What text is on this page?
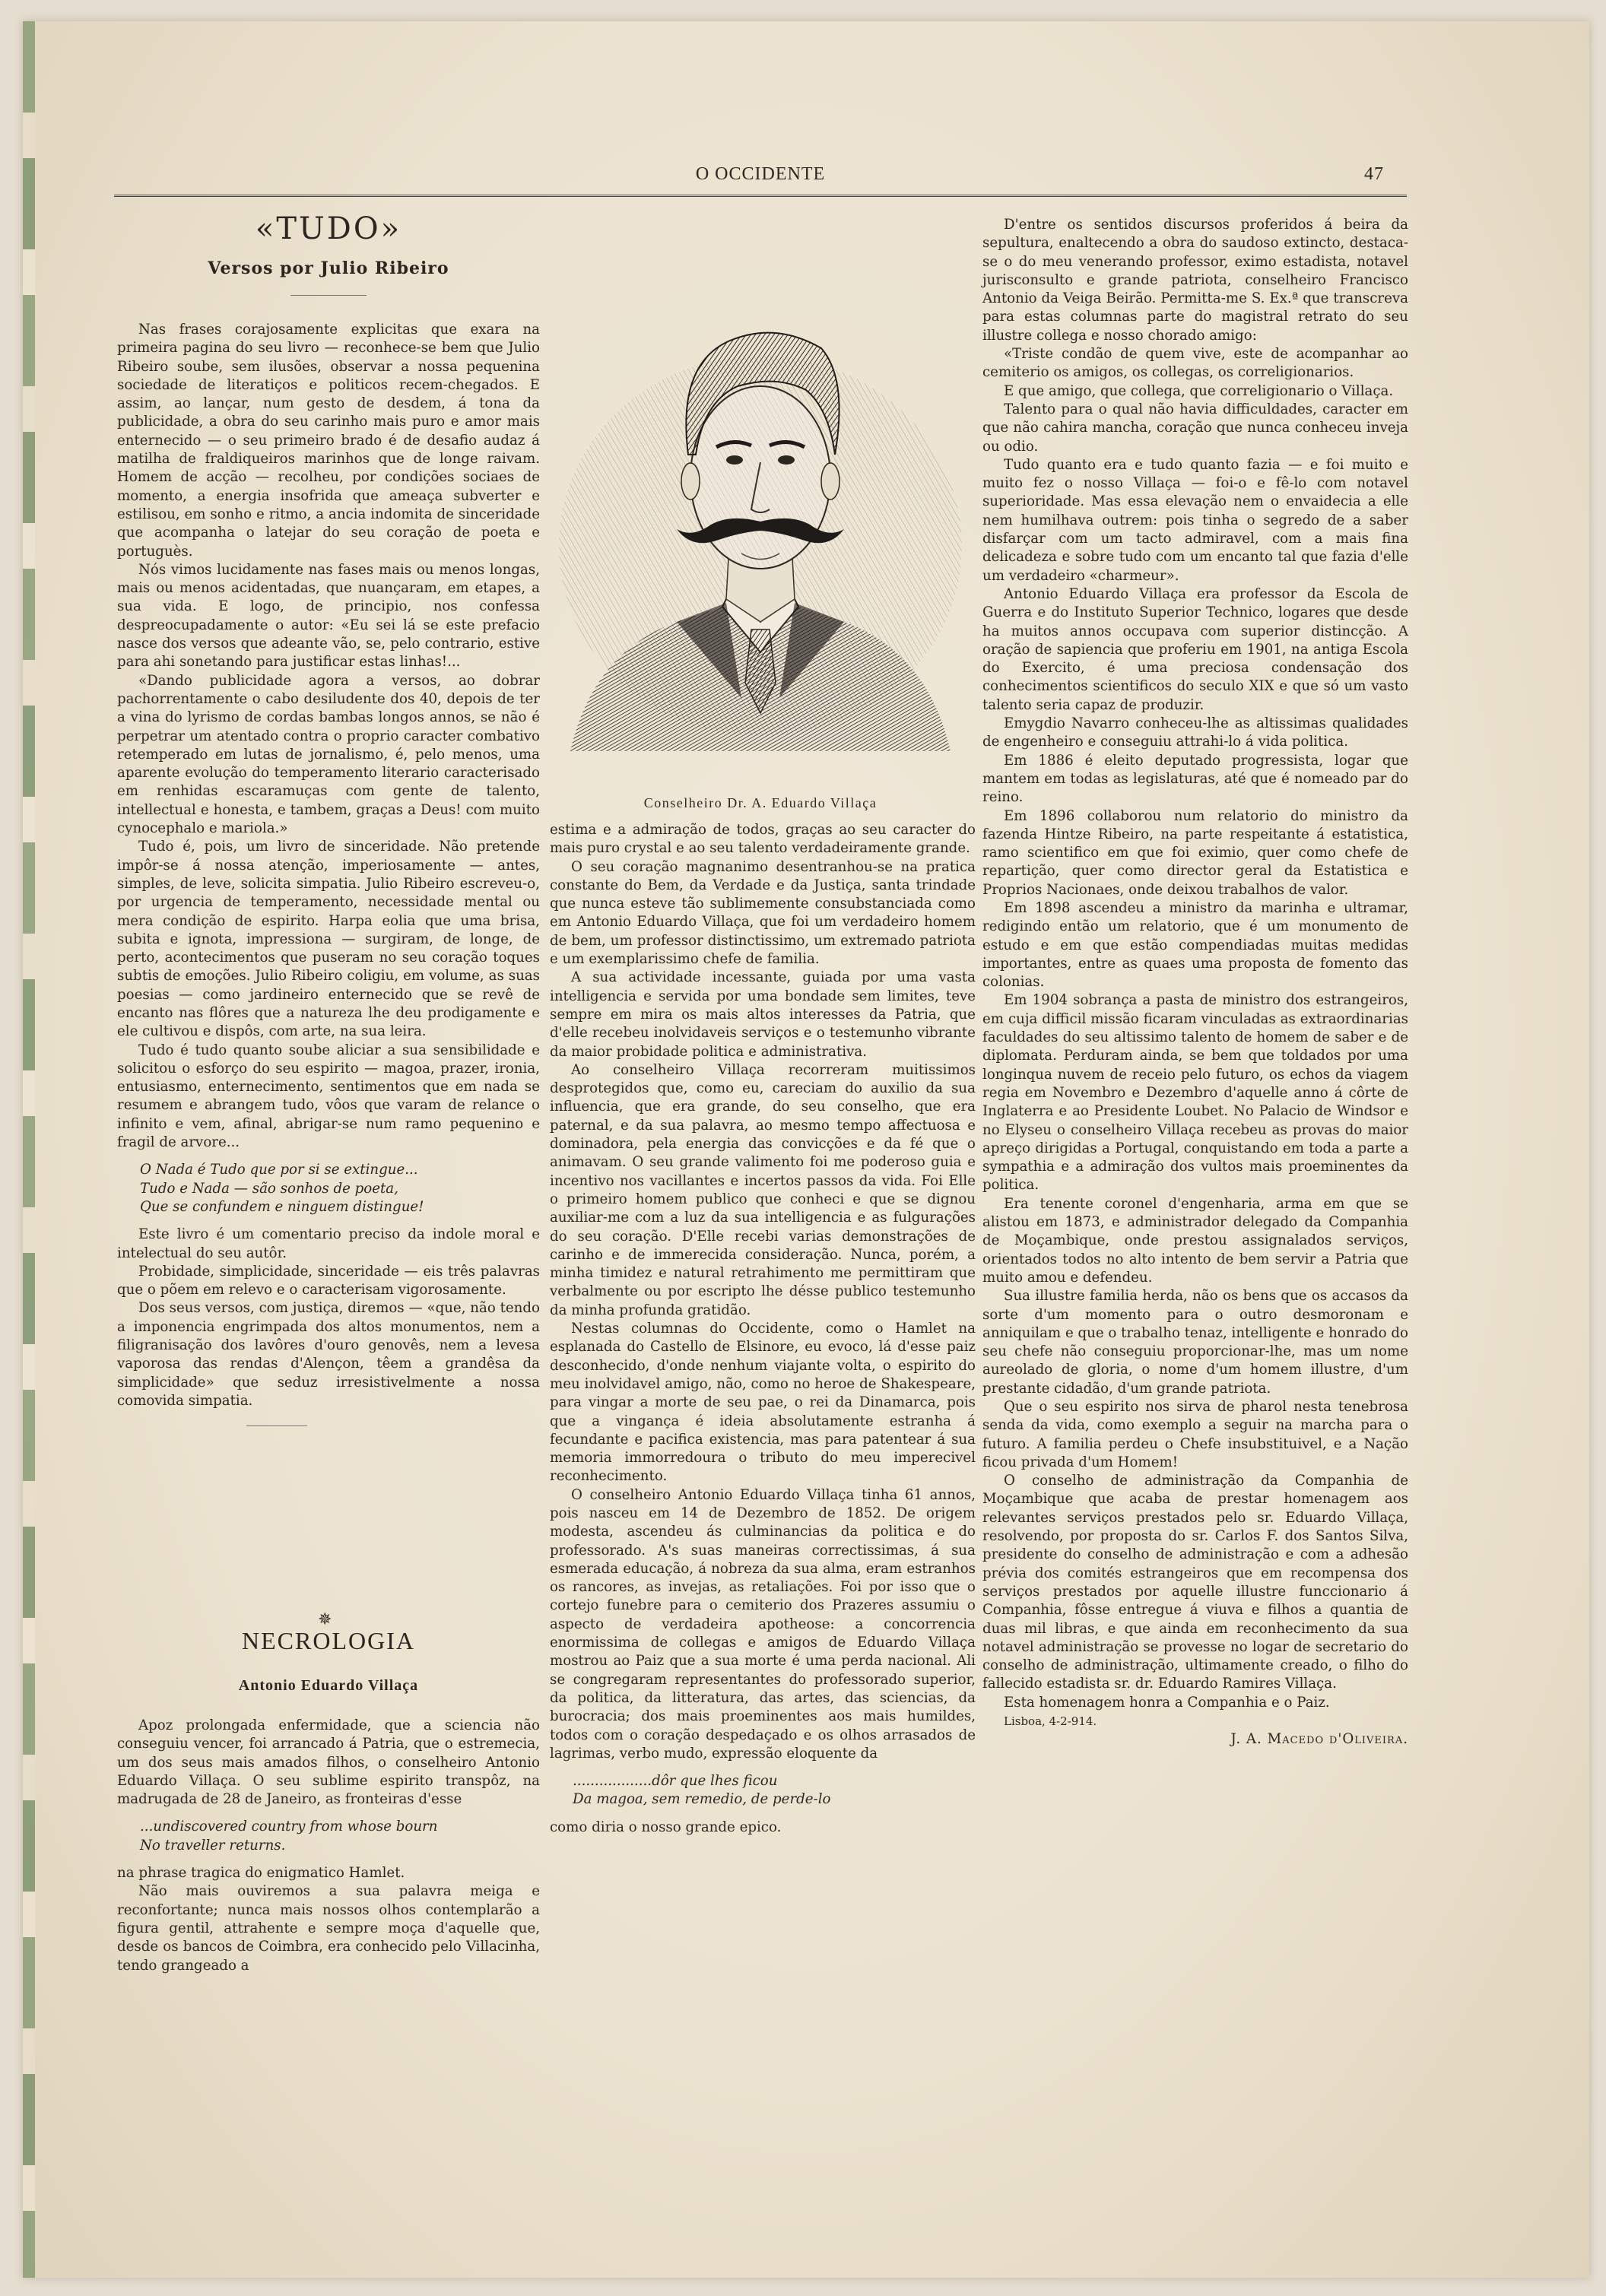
O OCCIDENTE	47
«TUDO»
Versos por Julio Ribeiro

Nas frases corajosamente explicitas que exara na primeira pagina do seu livro — reconhece-se bem que Julio Ribeiro soube, sem ilusões, observar a nossa pequenina sociedade de literatiços e politicos recem-chegados. E assim, ao lançar, num gesto de desdem, á tona da publicidade, a obra do seu carinho mais puro e amor mais enternecido — o seu primeiro brado é de desafio audaz á matilha de fraldiqueiros marinhos que de longe raivam. Homem de acção — recolheu, por condições sociaes de momento, a energia insofrida que ameaça subverter e estilisou, em sonho e ritmo, a ancia indomita de sinceridade que acompanha o latejar do seu coração de poeta e portuguès.

Nós vimos lucidamente nas fases mais ou menos longas, mais ou menos acidentadas, que nuançaram, em etapes, a sua vida. E logo, de principio, nos confessa despreocupadamente o autor: «Eu sei lá se este prefacio nasce dos versos que adeante vão, se, pelo contrario, estive para ahi sonetando para justificar estas linhas!...

«Dando publicidade agora a versos, ao dobrar pachorrentamente o cabo desiludente dos 40, depois de ter a vina do lyrismo de cordas bambas longos annos, se não é perpetrar um atentado contra o proprio caracter combativo retemperado em lutas de jornalismo, é, pelo menos, uma aparente evolução do temperamento literario caracterisado em renhidas escaramuças com gente de talento, intellectual e honesta, e tambem, graças a Deus! com muito cynocephalo e mariola.»

Tudo é, pois, um livro de sinceridade. Não pretende impôr-se á nossa atenção, imperiosamente — antes, simples, de leve, solicita simpatia. Julio Ribeiro escreveu-o, por urgencia de temperamento, necessidade mental ou mera condição de espirito. Harpa eolia que uma brisa, subita e ignota, impressiona — surgiram, de longe, de perto, acontecimentos que puseram no seu coração toques subtis de emoções. Julio Ribeiro coligiu, em volume, as suas poesias — como jardineiro enternecido que se revê de encanto nas flôres que a natureza lhe deu prodigamente e ele cultivou e dispôs, com arte, na sua leira.

Tudo é tudo quanto soube aliciar a sua sensibilidade e solicitou o esforço do seu espirito — magoa, prazer, ironia, entusiasmo, enternecimento, sentimentos que em nada se resumem e abrangem tudo, vôos que varam de relance o infinito e vem, afinal, abrigar-se num ramo pequenino e fragil de arvore...

O Nada é Tudo que por si se extingue...
Tudo e Nada — são sonhos de poeta,
Que se confundem e ninguem distingue!

Este livro é um comentario preciso da indole moral e intelectual do seu autôr.

Probidade, simplicidade, sinceridade — eis três palavras que o põem em relevo e o caracterisam vigorosamente.

Dos seus versos, com justiça, diremos — «que, não tendo a imponencia engrimpada dos altos monumentos, nem a filigranisação dos lavôres d'ouro genovês, nem a levesa vaporosa das rendas d'Alençon, têem a grandêsa da simplicidade» que seduz irresistivelmente a nossa comovida simpatia.

✵
NECROLOGIA
Antonio Eduardo Villaça

Apoz prolongada enfermidade, que a sciencia não conseguiu vencer, foi arrancado á Patria, que o estremecia, um dos seus mais amados filhos, o conselheiro Antonio Eduardo Villaça. O seu sublime espirito transpôz, na madrugada de 28 de Janeiro, as fronteiras d'esse

...undiscovered country from whose bourn
No traveller returns.

na phrase tragica do enigmatico Hamlet.

Não mais ouviremos a sua palavra meiga e reconfortante; nunca mais nossos olhos contemplarão a figura gentil, attrahente e sempre moça d'aquelle que, desde os bancos de Coimbra, era conhecido pelo Villacinha, tendo grangeado a

Conselheiro Dr. A. Eduardo Villaça

estima e a admiração de todos, graças ao seu caracter do mais puro crystal e ao seu talento verdadeiramente grande.

O seu coração magnanimo desentranhou-se na pratica constante do Bem, da Verdade e da Justiça, santa trindade que nunca esteve tão sublimemente consubstanciada como em Antonio Eduardo Villaça, que foi um verdadeiro homem de bem, um professor distinctissimo, um extremado patriota e um exemplarissimo chefe de familia.

A sua actividade incessante, guiada por uma vasta intelligencia e servida por uma bondade sem limites, teve sempre em mira os mais altos interesses da Patria, que d'elle recebeu inolvidaveis serviços e o testemunho vibrante da maior probidade politica e administrativa.

Ao conselheiro Villaça recorreram muitissimos desprotegidos que, como eu, careciam do auxilio da sua influencia, que era grande, do seu conselho, que era paternal, e da sua palavra, ao mesmo tempo affectuosa e dominadora, pela energia das convicções e da fé que o animavam. O seu grande valimento foi me poderoso guia e incentivo nos vacillantes e incertos passos da vida. Foi Elle o primeiro homem publico que conheci e que se dignou auxiliar-me com a luz da sua intelligencia e as fulgurações do seu coração. D'Elle recebi varias demonstrações de carinho e de immerecida consideração. Nunca, porém, a minha timidez e natural retrahimento me permittiram que verbalmente ou por escripto lhe désse publico testemunho da minha profunda gratidão.

Nestas columnas do Occidente, como o Hamlet na esplanada do Castello de Elsinore, eu evoco, lá d'esse paiz desconhecido, d'onde nenhum viajante volta, o espirito do meu inolvidavel amigo, não, como no heroe de Shakespeare, para vingar a morte de seu pae, o rei da Dinamarca, pois que a vingança é ideia absolutamente estranha á fecundante e pacifica existencia, mas para patentear á sua memoria immorredoura o tributo do meu imperecivel reconhecimento.

O conselheiro Antonio Eduardo Villaça tinha 61 annos, pois nasceu em 14 de Dezembro de 1852. De origem modesta, ascendeu ás culminancias da politica e do professorado. A's suas maneiras correctissimas, á sua esmerada educação, á nobreza da sua alma, eram estranhos os rancores, as invejas, as retaliações. Foi por isso que o cortejo funebre para o cemiterio dos Prazeres assumiu o aspecto de verdadeira apotheose: a concorrencia enormissima de collegas e amigos de Eduardo Villaça mostrou ao Paiz que a sua morte é uma perda nacional. Ali se congregaram representantes do professorado superior, da politica, da litteratura, das artes, das sciencias, da burocracia; dos mais proeminentes aos mais humildes, todos com o coração despedaçado e os olhos arrasados de lagrimas, verbo mudo, expressão eloquente da

..................dôr que lhes ficou
Da magoa, sem remedio, de perde-lo

como diria o nosso grande epico.

D'entre os sentidos discursos proferidos á beira da sepultura, enaltecendo a obra do saudoso extincto, destaca-se o do meu venerando professor, eximo estadista, notavel jurisconsulto e grande patriota, conselheiro Francisco Antonio da Veiga Beirão. Permitta-me S. Ex.ª que transcreva para estas columnas parte do magistral retrato do seu illustre collega e nosso chorado amigo:

«Triste condão de quem vive, este de acompanhar ao cemiterio os amigos, os collegas, os correligionarios.

E que amigo, que collega, que correligionario o Villaça.

Talento para o qual não havia difficuldades, caracter em que não cahira mancha, coração que nunca conheceu inveja ou odio.

Tudo quanto era e tudo quanto fazia — e foi muito e muito fez o nosso Villaça — foi-o e fê-lo com notavel superioridade. Mas essa elevação nem o envaidecia a elle nem humilhava outrem: pois tinha o segredo de a saber disfarçar com um tacto admiravel, com a mais fina delicadeza e sobre tudo com um encanto tal que fazia d'elle um verdadeiro «charmeur».

Antonio Eduardo Villaça era professor da Escola de Guerra e do Instituto Superior Technico, logares que desde ha muitos annos occupava com superior distincção. A oração de sapiencia que proferiu em 1901, na antiga Escola do Exercito, é uma preciosa condensação dos conhecimentos scientificos do seculo XIX e que só um vasto talento seria capaz de produzir.

Emygdio Navarro conheceu-lhe as altissimas qualidades de engenheiro e conseguiu attrahi-lo á vida politica.

Em 1886 é eleito deputado progressista, logar que mantem em todas as legislaturas, até que é nomeado par do reino.

Em 1896 collaborou num relatorio do ministro da fazenda Hintze Ribeiro, na parte respeitante á estatistica, ramo scientifico em que foi eximio, quer como chefe de repartição, quer como director geral da Estatistica e Proprios Nacionaes, onde deixou trabalhos de valor.

Em 1898 ascendeu a ministro da marinha e ultramar, redigindo então um relatorio, que é um monumento de estudo e em que estão compendiadas muitas medidas importantes, entre as quaes uma proposta de fomento das colonias.

Em 1904 sobrança a pasta de ministro dos estrangeiros, em cuja difficil missão ficaram vinculadas as extraordinarias faculdades do seu altissimo talento de homem de saber e de diplomata. Perduram ainda, se bem que toldados por uma longinqua nuvem de receio pelo futuro, os echos da viagem regia em Novembro e Dezembro d'aquelle anno á côrte de Inglaterra e ao Presidente Loubet. No Palacio de Windsor e no Elyseu o conselheiro Villaça recebeu as provas do maior apreço dirigidas a Portugal, conquistando em toda a parte a sympathia e a admiração dos vultos mais proeminentes da politica.

Era tenente coronel d'engenharia, arma em que se alistou em 1873, e administrador delegado da Companhia de Moçambique, onde prestou assignalados serviços, orientados todos no alto intento de bem servir a Patria que muito amou e defendeu.

Sua illustre familia herda, não os bens que os accasos da sorte d'um momento para o outro desmoronam e anniquilam e que o trabalho tenaz, intelligente e honrado do seu chefe não conseguiu proporcionar-lhe, mas um nome aureolado de gloria, o nome d'um homem illustre, d'um prestante cidadão, d'um grande patriota.

Que o seu espirito nos sirva de pharol nesta tenebrosa senda da vida, como exemplo a seguir na marcha para o futuro. A familia perdeu o Chefe insubstituivel, e a Nação ficou privada d'um Homem!

O conselho de administração da Companhia de Moçambique que acaba de prestar homenagem aos relevantes serviços prestados pelo sr. Eduardo Villaça, resolvendo, por proposta do sr. Carlos F. dos Santos Silva, presidente do conselho de administração e com a adhesão prévia dos comités estrangeiros que em recompensa dos serviços prestados por aquelle illustre funccionario á Companhia, fôsse entregue á viuva e filhos a quantia de duas mil libras, e que ainda em reconhecimento da sua notavel administração se provesse no logar de secretario do conselho de administração, ultimamente creado, o filho do fallecido estadista sr. dr. Eduardo Ramires Villaça.

Esta homenagem honra a Companhia e o Paiz.

Lisboa, 4-2-914.

J. A. Macedo d'Oliveira.
